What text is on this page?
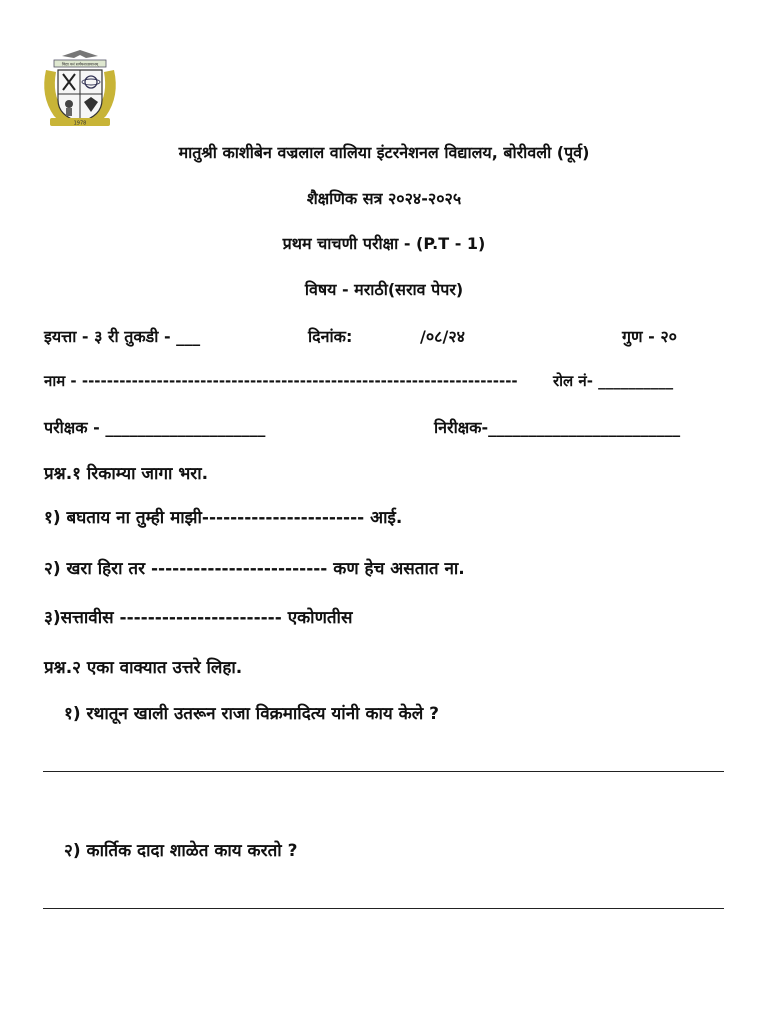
विद्या धनं सर्वधनात्प्रधानम्
1978
मातुश्री काशीबेन वज्रलाल वालिया इंटरनेशनल विद्यालय, बोरीवली (पूर्व)
शैक्षणिक सत्र २०२४-२०२५
प्रथम चाचणी परीक्षा - (P.T - 1)
विषय - मराठी(सराव पेपर)
इयत्ता - ३ री तुकडी - ___	दिनांक:	/०८/२४	गुण - २०
नाम - ---------------------------------------------------------------------- रोल नं- __________
परीक्षक - ____________________	निरीक्षक-________________________
प्रश्न.१ रिकाम्या जागा भरा.
१) बघताय ना तुम्ही माझी----------------------- आई.
२) खरा हिरा तर ------------------------- कण हेच असतात ना.
३)सत्तावीस ----------------------- एकोणतीस
प्रश्न.२ एका वाक्यात उत्तरे लिहा.
१) रथातून खाली उतरून राजा विक्रमादित्य यांनी काय केले ?
२) कार्तिक दादा शाळेत काय करतो ?
